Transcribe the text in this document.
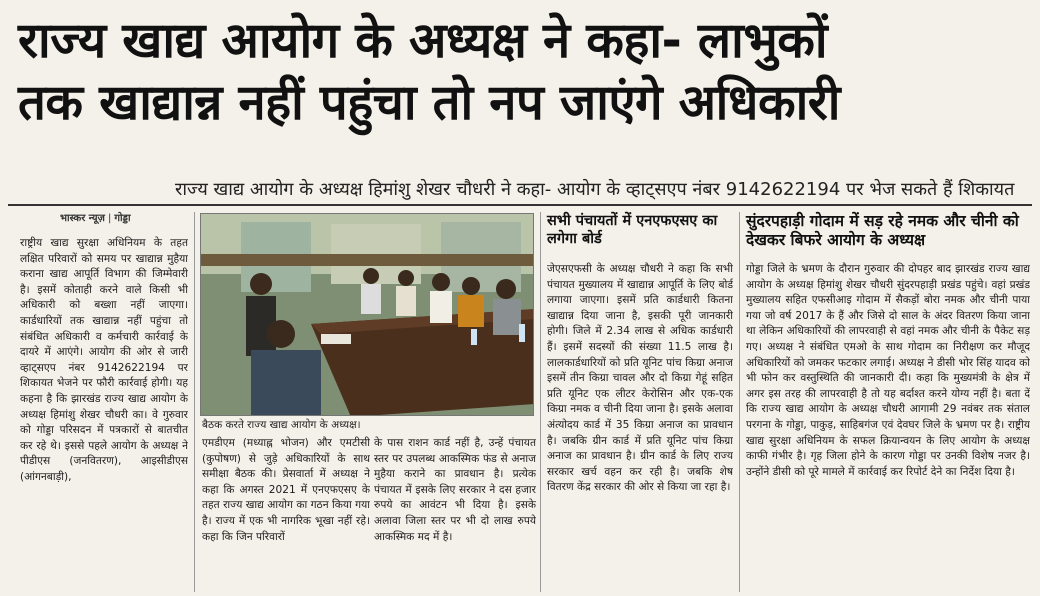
राज्य खाद्य आयोग के अध्यक्ष ने कहा- लाभुकों
तक खाद्यान्न नहीं पहुंचा तो नप जाएंगे अधिकारी
राज्य खाद्य आयोग के अध्यक्ष हिमांशु शेखर चौधरी ने कहा- आयोग के व्हाट्सएप नंबर 9142622194 पर भेज सकते हैं शिकायत
भास्कर न्यूज़ | गोड्डा
राष्ट्रीय खाद्य सुरक्षा अधिनियम के तहत लक्षित परिवारों को समय पर खाद्यान्न मुहैया कराना खाद्य आपूर्ति विभाग की जिम्मेवारी है। इसमें कोताही करने वाले किसी भी अधिकारी को बख्शा नहीं जाएगा। कार्डधारियों तक खाद्यान्न नहीं पहुंचा तो संबंधित अधिकारी व कर्मचारी कार्रवाई के दायरे में आएंगे। आयोग की ओर से जारी व्हाट्सएप नंबर 9142622194 पर शिकायत भेजने पर फौरी कार्रवाई होगी। यह कहना है कि झारखंड राज्य खाद्य आयोग के अध्यक्ष हिमांशु शेखर चौधरी का। वे गुरुवार को गोड्डा परिसदन में पत्रकारों से बातचीत कर रहे थे। इससे पहले आयोग के अध्यक्ष ने पीडीएस (जनवितरण), आइसीडीएस (आंगनबाड़ी),
बैठक करते राज्य खाद्य आयोग के अध्यक्ष।
एमडीएम (मध्याह्न भोजन) और एमटीसी (कुपोषण) से जुड़े अधिकारियों के साथ समीक्षा बैठक की। प्रेसवार्ता में अध्यक्ष ने कहा कि अगस्त 2021 में एनएफएसए के तहत राज्य खाद्य आयोग का गठन किया गया है। राज्य में एक भी नागरिक भूखा नहीं रहे। कहा कि जिन परिवारों
के पास राशन कार्ड नहीं है, उन्हें पंचायत स्तर पर उपलब्ध आकस्मिक फंड से अनाज मुहैया कराने का प्रावधान है। प्रत्येक पंचायत में इसके लिए सरकार ने दस हजार रुपये का आवंटन भी दिया है। इसके अलावा जिला स्तर पर भी दो लाख रुपये आकस्मिक मद में है।
सभी पंचायतों में एनएफएसए का लगेगा बोर्ड
जेएसएफसी के अध्यक्ष चौधरी ने कहा कि सभी पंचायत मुख्यालय में खाद्यान्न आपूर्ति के लिए बोर्ड लगाया जाएगा। इसमें प्रति कार्डधारी कितना खाद्यान्न दिया जाना है, इसकी पूरी जानकारी होगी। जिले में 2.34 लाख से अधिक कार्डधारी हैं। इसमें सदस्यों की संख्या 11.5 लाख है। लालकार्डधारियों को प्रति यूनिट पांच किग्रा अनाज इसमें तीन किग्रा चावल और दो किग्रा गेहूं सहित प्रति यूनिट एक लीटर केरोसिन और एक-एक किग्रा नमक व चीनी दिया जाना है। इसके अलावा अंत्योदय कार्ड में 35 किग्रा अनाज का प्रावधान है। जबकि ग्रीन कार्ड में प्रति यूनिट पांच किग्रा अनाज का प्रावधान है। ग्रीन कार्ड के लिए राज्य सरकार खर्च वहन कर रही है। जबकि शेष वितरण केंद्र सरकार की ओर से किया जा रहा है।
सुंदरपहाड़ी गोदाम में सड़ रहे नमक और चीनी को देखकर बिफरे आयोग के अध्यक्ष
गोड्डा जिले के भ्रमण के दौरान गुरुवार की दोपहर बाद झारखंड राज्य खाद्य आयोग के अध्यक्ष हिमांशु शेखर चौधरी सुंदरपहाड़ी प्रखंड पहुंचे। वहां प्रखंड मुख्यालय सहित एफसीआइ गोदाम में सैकड़ों बोरा नमक और चीनी पाया गया जो वर्ष 2017 के हैं और जिसे दो साल के अंदर वितरण किया जाना था लेकिन अधिकारियों की लापरवाही से वहां नमक और चीनी के पैकेट सड़ गए। अध्यक्ष ने संबंधित एमओ के साथ गोदाम का निरीक्षण कर मौजूद अधिकारियों को जमकर फटकार लगाई। अध्यक्ष ने डीसी भोर सिंह यादव को भी फोन कर वस्तुस्थिति की जानकारी दी। कहा कि मुख्यमंत्री के क्षेत्र में अगर इस तरह की लापरवाही है तो यह बर्दाश्त करने योग्य नहीं है। बता दें कि राज्य खाद्य आयोग के अध्यक्ष चौधरी आगामी 29 नवंबर तक संताल परगना के गोड्डा, पाकुड़, साहिबगंज एवं देवघर जिले के भ्रमण पर है। राष्ट्रीय खाद्य सुरक्षा अधिनियम के सफल क्रियान्वयन के लिए आयोग के अध्यक्ष काफी गंभीर है। गृह जिला होने के कारण गोड्डा पर उनकी विशेष नजर है। उन्होंने डीसी को पूरे मामले में कार्रवाई कर रिपोर्ट देने का निर्देश दिया है।
